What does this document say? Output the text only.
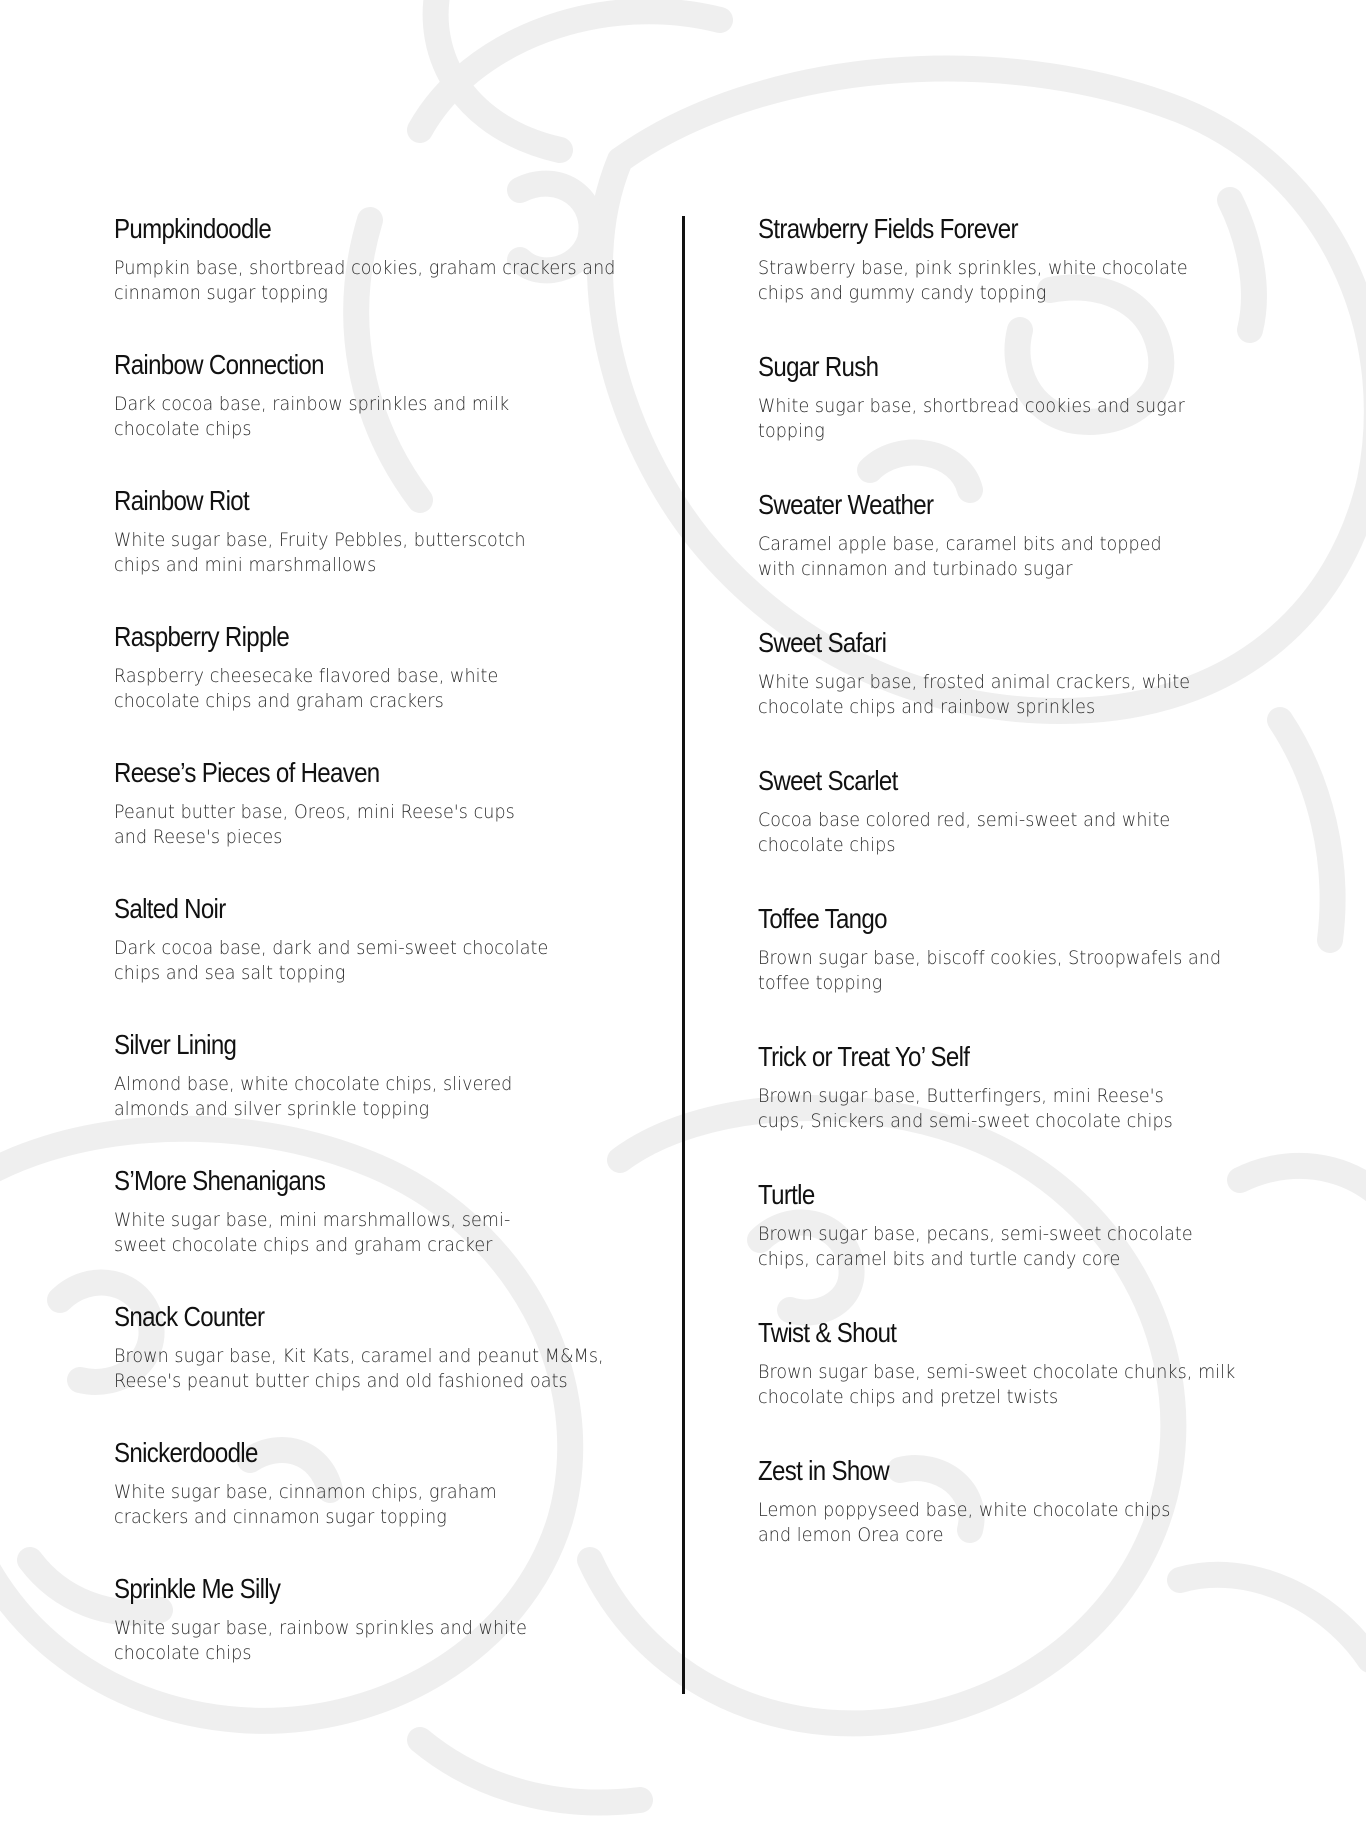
Pumpkindoodle
Pumpkin base, shortbread cookies, graham crackers and
cinnamon sugar topping
Rainbow Connection
Dark cocoa base, rainbow sprinkles and milk
chocolate chips
Rainbow Riot
White sugar base, Fruity Pebbles, butterscotch
chips and mini marshmallows
Raspberry Ripple
Raspberry cheesecake flavored base, white
chocolate chips and graham crackers
Reese’s Pieces of Heaven
Peanut butter base, Oreos, mini Reese's cups
and Reese's pieces
Salted Noir
Dark cocoa base, dark and semi-sweet chocolate
chips and sea salt topping
Silver Lining
Almond base, white chocolate chips, slivered
almonds and silver sprinkle topping
S’More Shenanigans
White sugar base, mini marshmallows, semi-
sweet chocolate chips and graham cracker
Snack Counter
Brown sugar base, Kit Kats, caramel and peanut M&Ms,
Reese's peanut butter chips and old fashioned oats
Snickerdoodle
White sugar base, cinnamon chips, graham
crackers and cinnamon sugar topping
Sprinkle Me Silly
White sugar base, rainbow sprinkles and white
chocolate chips
Strawberry Fields Forever
Strawberry base, pink sprinkles, white chocolate
chips and gummy candy topping
Sugar Rush
White sugar base, shortbread cookies and sugar
topping
Sweater Weather
Caramel apple base, caramel bits and topped
with cinnamon and turbinado sugar
Sweet Safari
White sugar base, frosted animal crackers, white
chocolate chips and rainbow sprinkles
Sweet Scarlet
Cocoa base colored red, semi-sweet and white
chocolate chips
Toffee Tango
Brown sugar base, biscoff cookies, Stroopwafels and
toffee topping
Trick or Treat Yo’ Self
Brown sugar base, Butterfingers, mini Reese's
cups, Snickers and semi-sweet chocolate chips
Turtle
Brown sugar base, pecans, semi-sweet chocolate
chips, caramel bits and turtle candy core
Twist & Shout
Brown sugar base, semi-sweet chocolate chunks, milk
chocolate chips and pretzel twists
Zest in Show
Lemon poppyseed base, white chocolate chips
and lemon Orea core
